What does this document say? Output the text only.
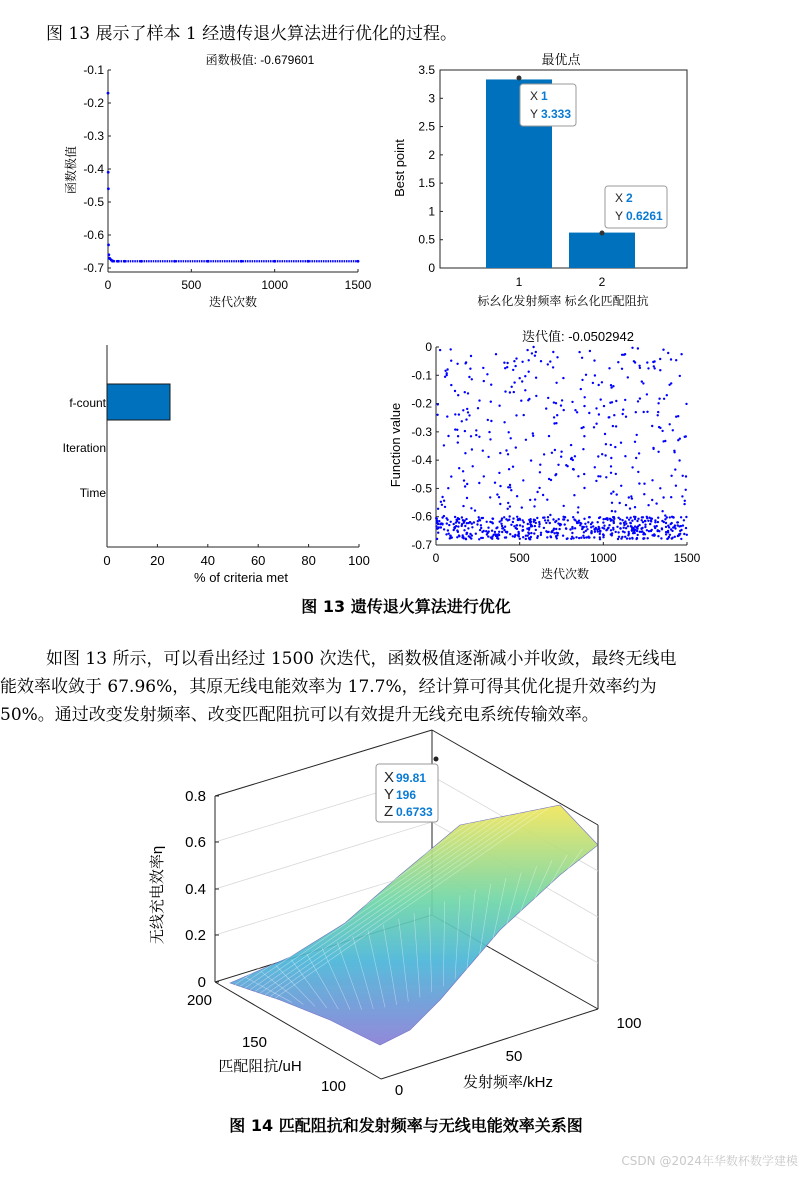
图 13 展示了样本 1 经遗传退火算法进行优化的过程。
函数极值: -0.679601
-0.1
-0.2
-0.3
-0.4
-0.5
-0.6
-0.7
0	500	1000	1500
函数极值
迭代次数
最优点
3.5
3
2.5
2
1.5
1
0.5
0
1	2
Best point
标幺化发射频率 标幺化匹配阻抗
X 1
Y 3.333
X 2
Y 0.6261
0	20	40	60	80 100
f-count
Iteration
Time
% of criteria met
迭代值: -0.0502942
0
-0.1
-0.2
-0.3
-0.4
-0.5
-0.6
-0.7
0	500	1000	1500
Function value
迭代次数
图 13 遗传退火算法进行优化
如图 13 所示，可以看出经过 1500 次迭代，函数极值逐渐减小并收敛，最终无线电
能效率收敛于 67.96%，其原无线电能效率为 17.7%，经计算可得其优化提升效率约为
50%。通过改变发射频率、改变匹配阻抗可以有效提升无线充电系统传输效率。
0.8
0.6
0.4
0.2
0
200
150
100	0
50
100
无线充电效率η
匹配阻抗/uH
发射频率/kHz
X 99.81
Y 196
Z 0.6733
图 14 匹配阻抗和发射频率与无线电能效率关系图
CSDN @2024年华数杯数学建模
